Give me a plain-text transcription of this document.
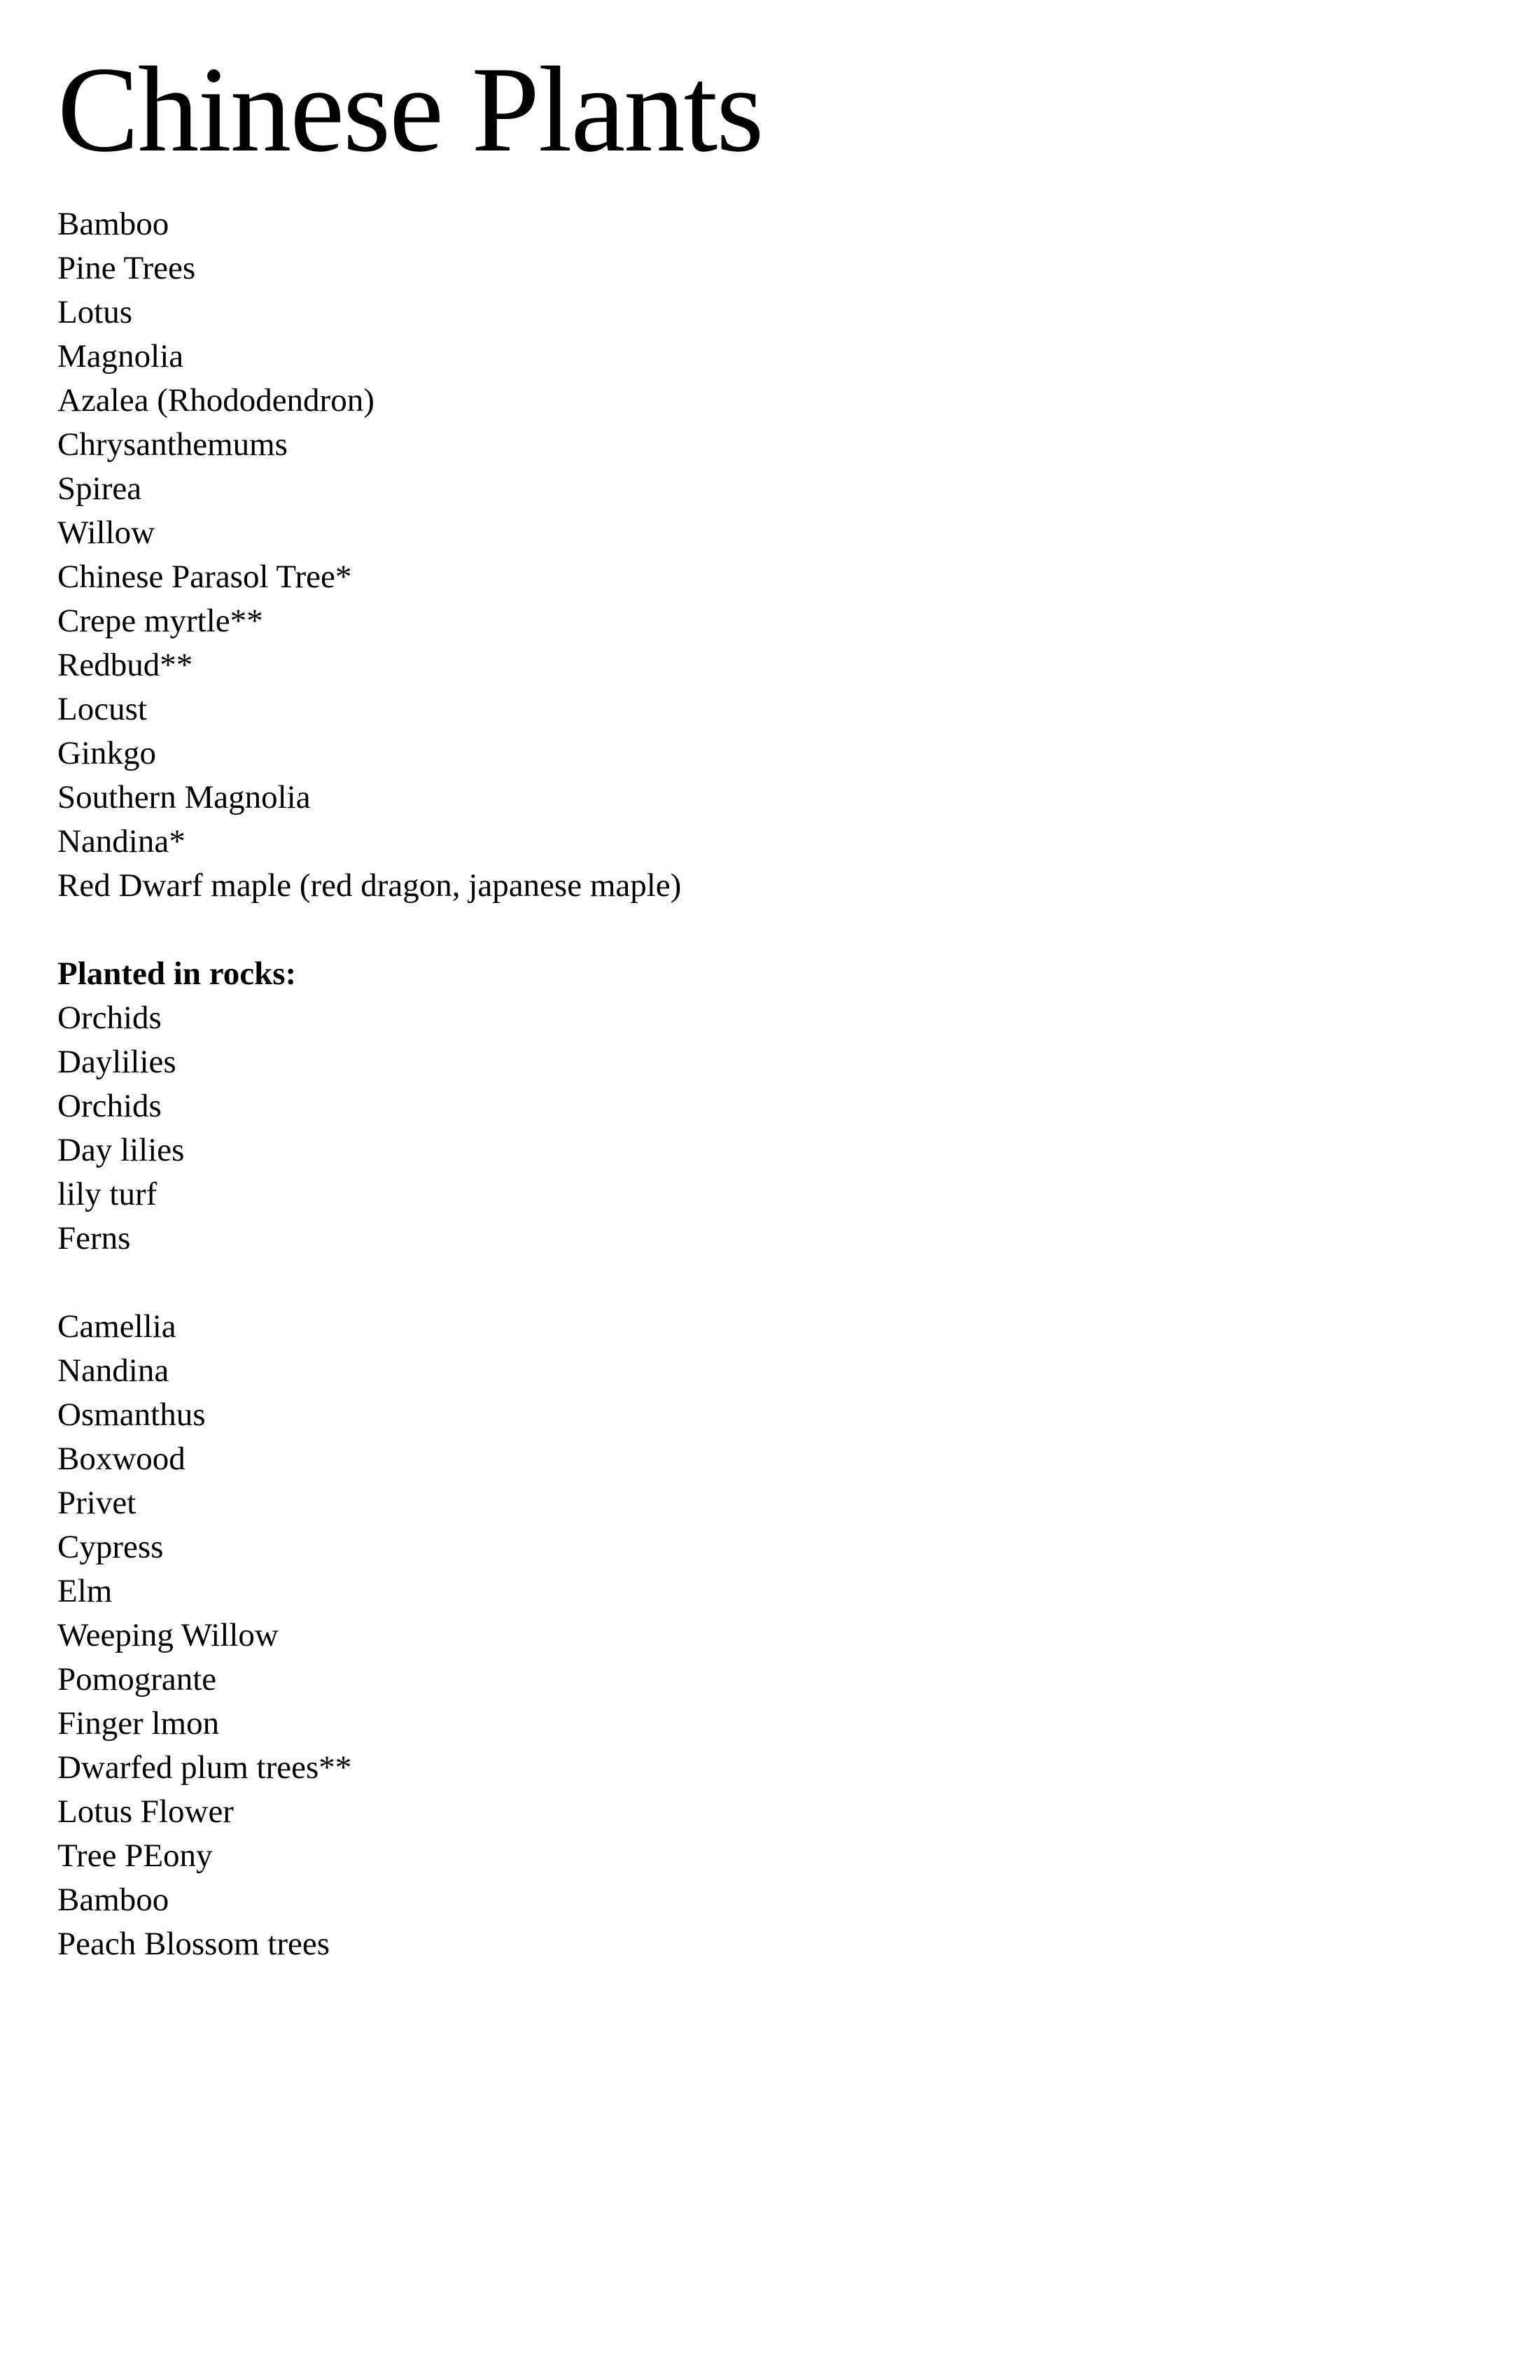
Chinese Plants
Bamboo
Pine Trees
Lotus
Magnolia
Azalea (Rhododendron)
Chrysanthemums
Spirea
Willow
Chinese Parasol Tree*
Crepe myrtle**
Redbud**
Locust
Ginkgo
Southern Magnolia
Nandina*
Red Dwarf maple (red dragon, japanese maple)
Planted in rocks:
Orchids
Daylilies
Orchids
Day lilies
lily turf
Ferns
Camellia
Nandina
Osmanthus
Boxwood
Privet
Cypress
Elm
Weeping Willow
Pomogrante
Finger lmon
Dwarfed plum trees**
Lotus Flower
Tree PEony
Bamboo
Peach Blossom trees
